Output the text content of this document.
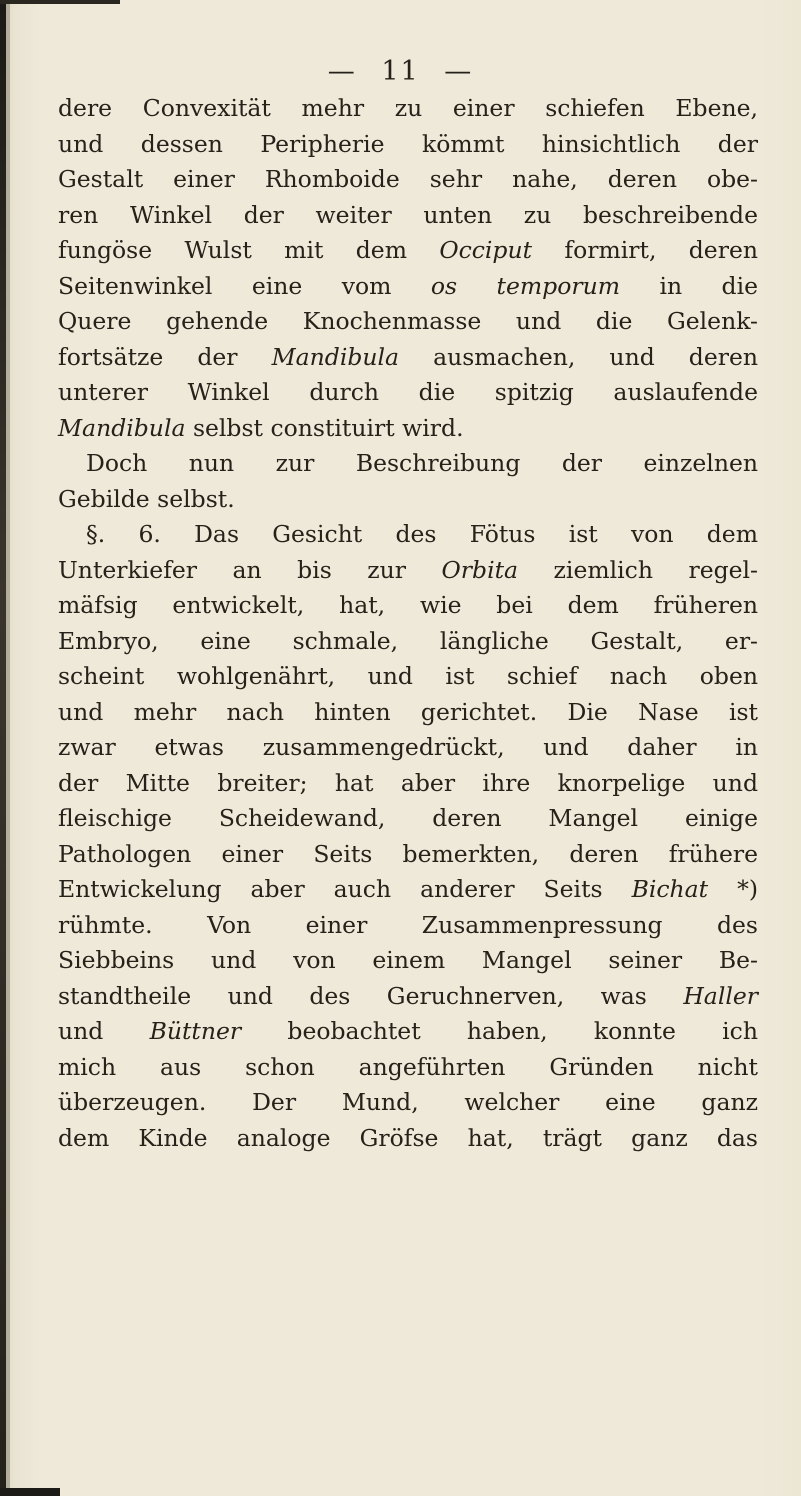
— 11 —
dere Convexität mehr zu einer schiefen Ebene,
und dessen Peripherie kömmt hinsichtlich der
Gestalt einer Rhomboide sehr nahe, deren obe-
ren Winkel der weiter unten zu beschreibende
fungöse Wulst mit dem Occiput formirt, deren
Seitenwinkel eine vom os temporum in die
Quere gehende Knochenmasse und die Gelenk-
fortsätze der Mandibula ausmachen, und deren
unterer Winkel durch die spitzig auslaufende
Mandibula selbst constituirt wird.
Doch nun zur Beschreibung der einzelnen
Gebilde selbst.
§. 6. Das Gesicht des Fötus ist von dem
Unterkiefer an bis zur Orbita ziemlich regel-
mäfsig entwickelt, hat, wie bei dem früheren
Embryo, eine schmale, längliche Gestalt, er-
scheint wohlgenährt, und ist schief nach oben
und mehr nach hinten gerichtet. Die Nase ist
zwar etwas zusammengedrückt, und daher in
der Mitte breiter; hat aber ihre knorpelige und
fleischige Scheidewand, deren Mangel einige
Pathologen einer Seits bemerkten, deren frühere
Entwickelung aber auch anderer Seits Bichat *)
rühmte. Von einer Zusammenpressung des
Siebbeins und von einem Mangel seiner Be-
standtheile und des Geruchnerven, was Haller
und Büttner beobachtet haben, konnte ich
mich aus schon angeführten Gründen nicht
überzeugen. Der Mund, welcher eine ganz
dem Kinde analoge Gröfse hat, trägt ganz das
